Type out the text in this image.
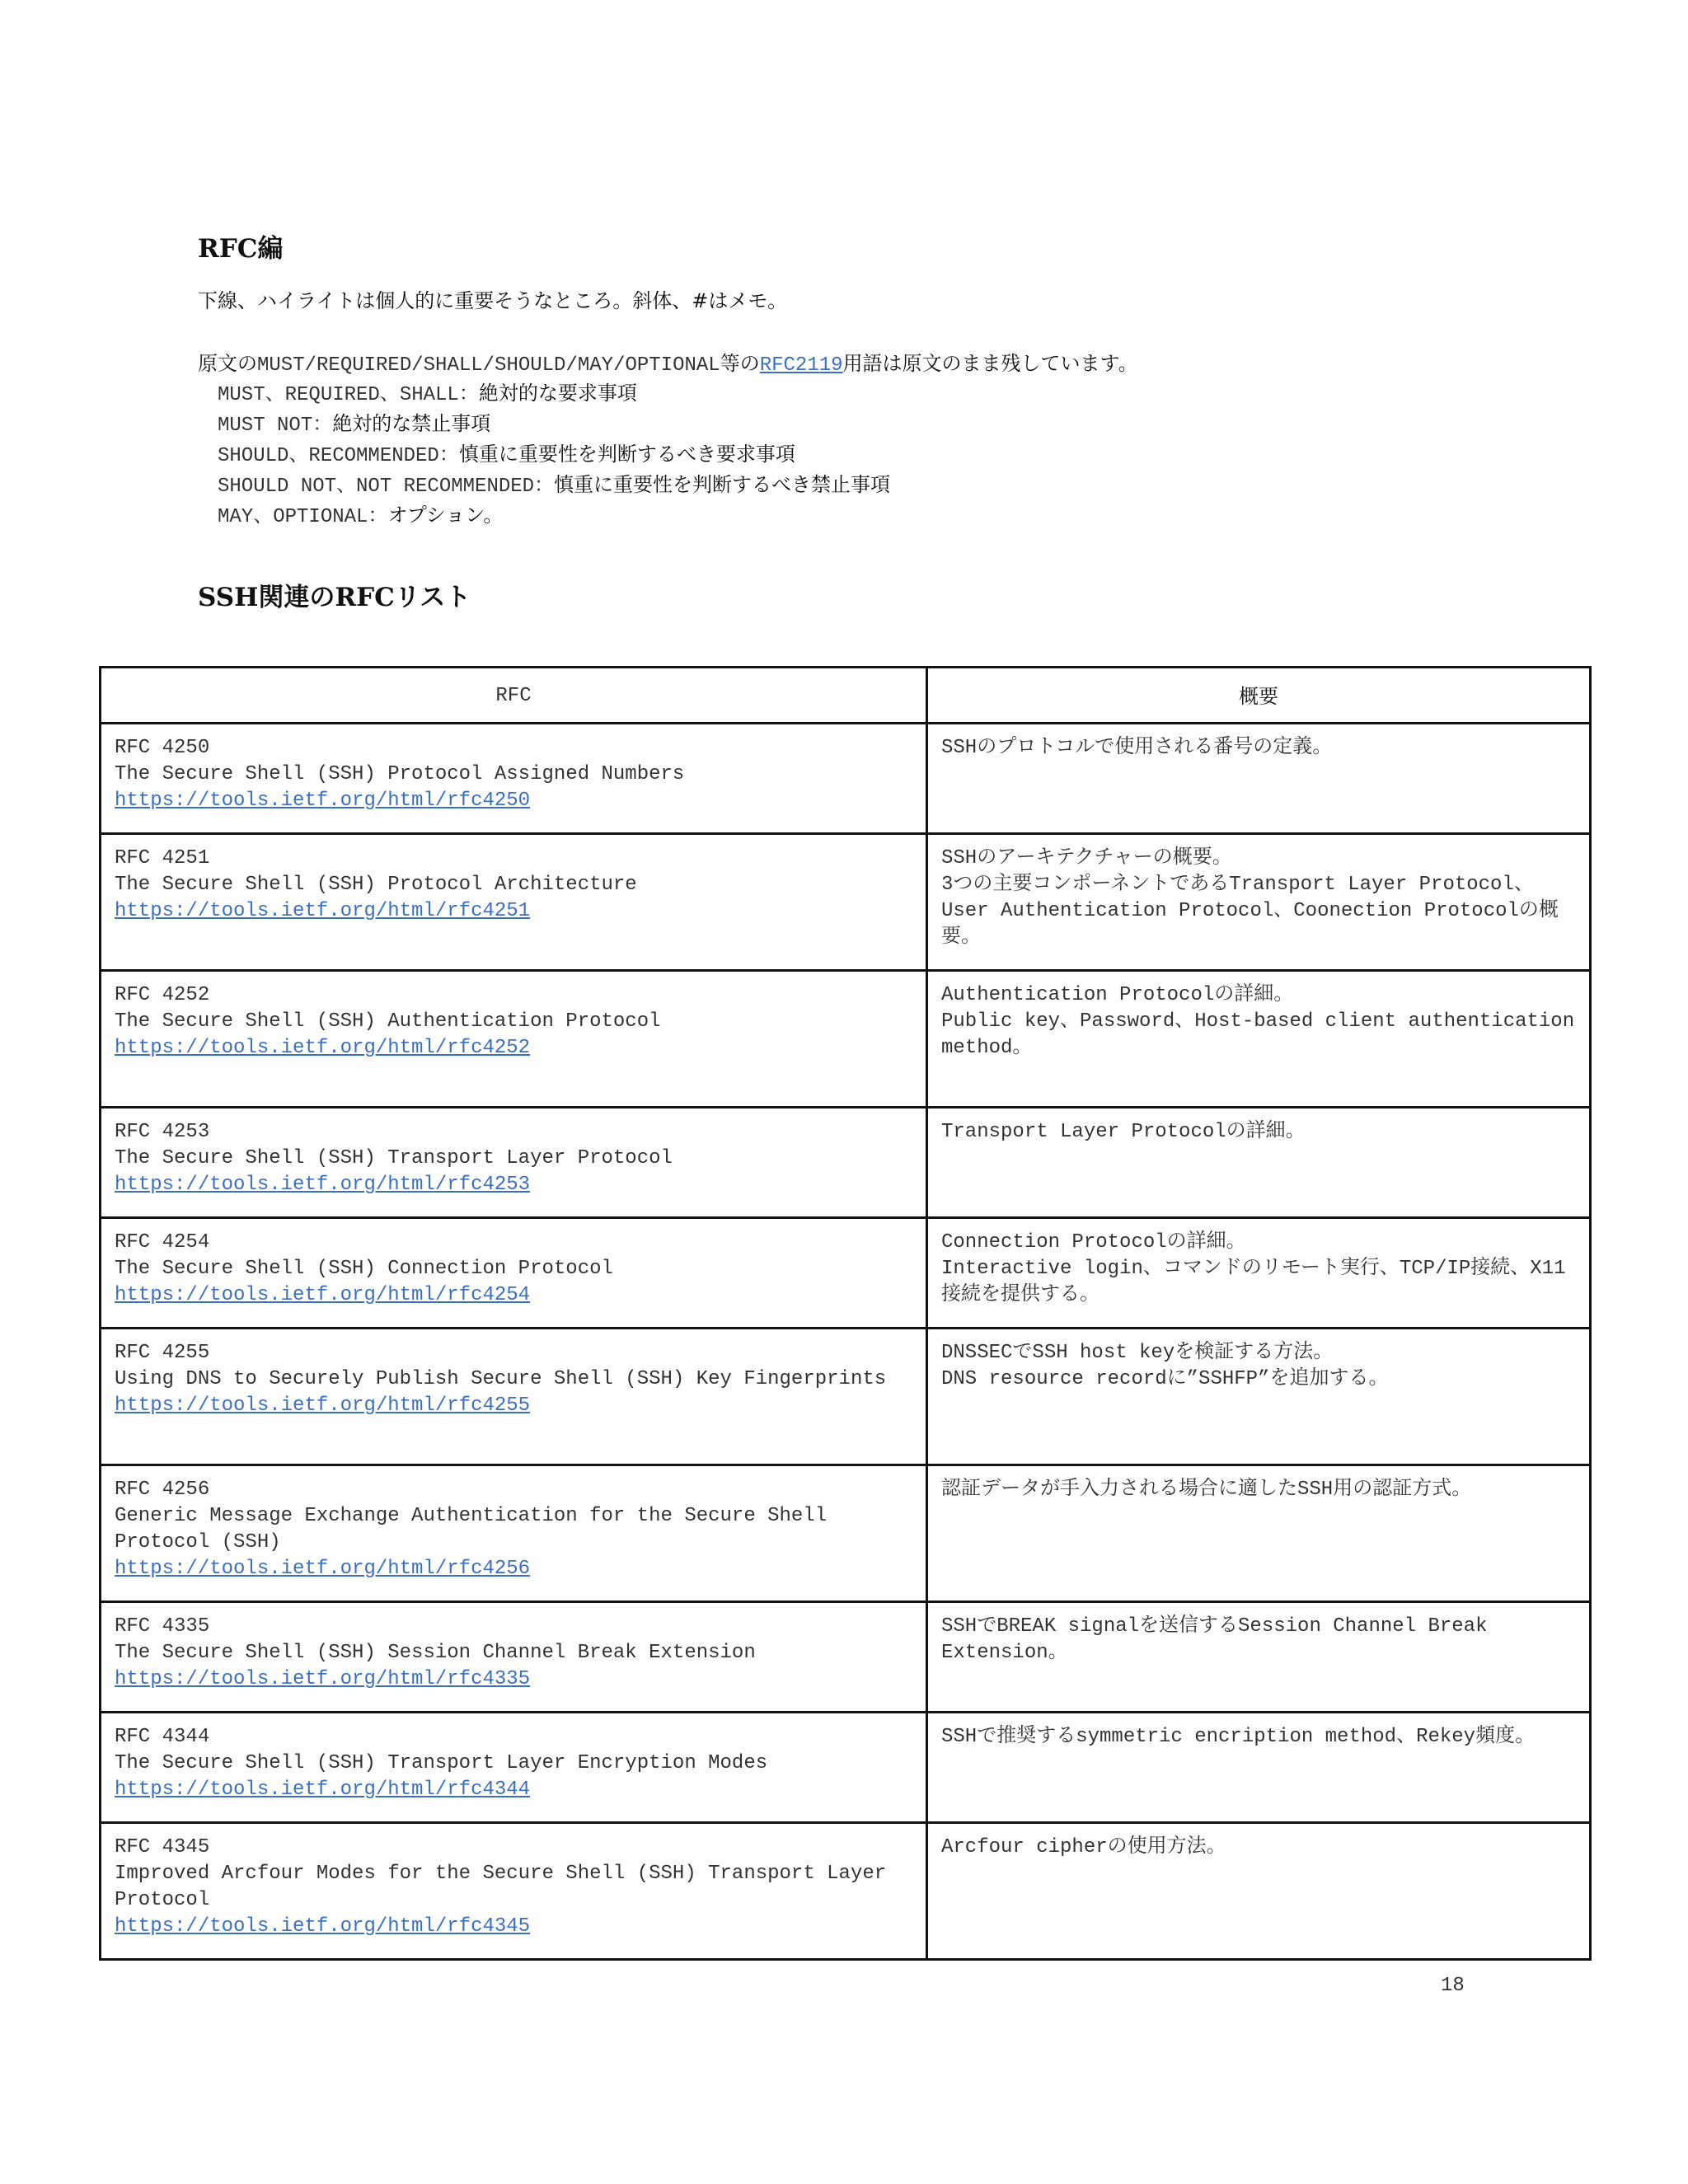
RFC編
下線、ハイライトは個人的に重要そうなところ。斜体、#はメモ。
原文のMUST/REQUIRED/SHALL/SHOULD/MAY/OPTIONAL等のRFC2119用語は原文のまま残しています。
MUST、REQUIRED、SHALL：絶対的な要求事項
MUST NOT：絶対的な禁止事項
SHOULD、RECOMMENDED：慎重に重要性を判断するべき要求事項
SHOULD NOT、NOT RECOMMENDED：慎重に重要性を判断するべき禁止事項
MAY、OPTIONAL：オプション。
SSH関連のRFCリスト
RFC	概要

RFC 4250
The Secure Shell (SSH) Protocol Assigned Numbers
https://tools.ietf.org/html/rfc4250	SSHのプロトコルで使用される番号の定義。

RFC 4251
The Secure Shell (SSH) Protocol Architecture
https://tools.ietf.org/html/rfc4251	SSHのアーキテクチャーの概要。
3つの主要コンポーネントであるTransport Layer Protocol、User Authentication Protocol、Coonection Protocolの概要。

RFC 4252
The Secure Shell (SSH) Authentication Protocol
https://tools.ietf.org/html/rfc4252	Authentication Protocolの詳細。
Public key、Password、Host-based client authentication method。

RFC 4253
The Secure Shell (SSH) Transport Layer Protocol
https://tools.ietf.org/html/rfc4253	Transport Layer Protocolの詳細。

RFC 4254
The Secure Shell (SSH) Connection Protocol
https://tools.ietf.org/html/rfc4254	Connection Protocolの詳細。
Interactive login、コマンドのリモート実行、TCP/IP接続、X11接続を提供する。

RFC 4255
Using DNS to Securely Publish Secure Shell (SSH) Key Fingerprints
https://tools.ietf.org/html/rfc4255	DNSSECでSSH host keyを検証する方法。
DNS resource recordに”SSHFP”を追加する。

RFC 4256
Generic Message Exchange Authentication for the Secure Shell Protocol (SSH)
https://tools.ietf.org/html/rfc4256	認証データが手入力される場合に適したSSH用の認証方式。

RFC 4335
The Secure Shell (SSH) Session Channel Break Extension
https://tools.ietf.org/html/rfc4335	SSHでBREAK signalを送信するSession Channel Break Extension。

RFC 4344
The Secure Shell (SSH) Transport Layer Encryption Modes
https://tools.ietf.org/html/rfc4344	SSHで推奨するsymmetric encription method、Rekey頻度。

RFC 4345
Improved Arcfour Modes for the Secure Shell (SSH) Transport Layer Protocol
https://tools.ietf.org/html/rfc4345	Arcfour cipherの使用方法。
18
